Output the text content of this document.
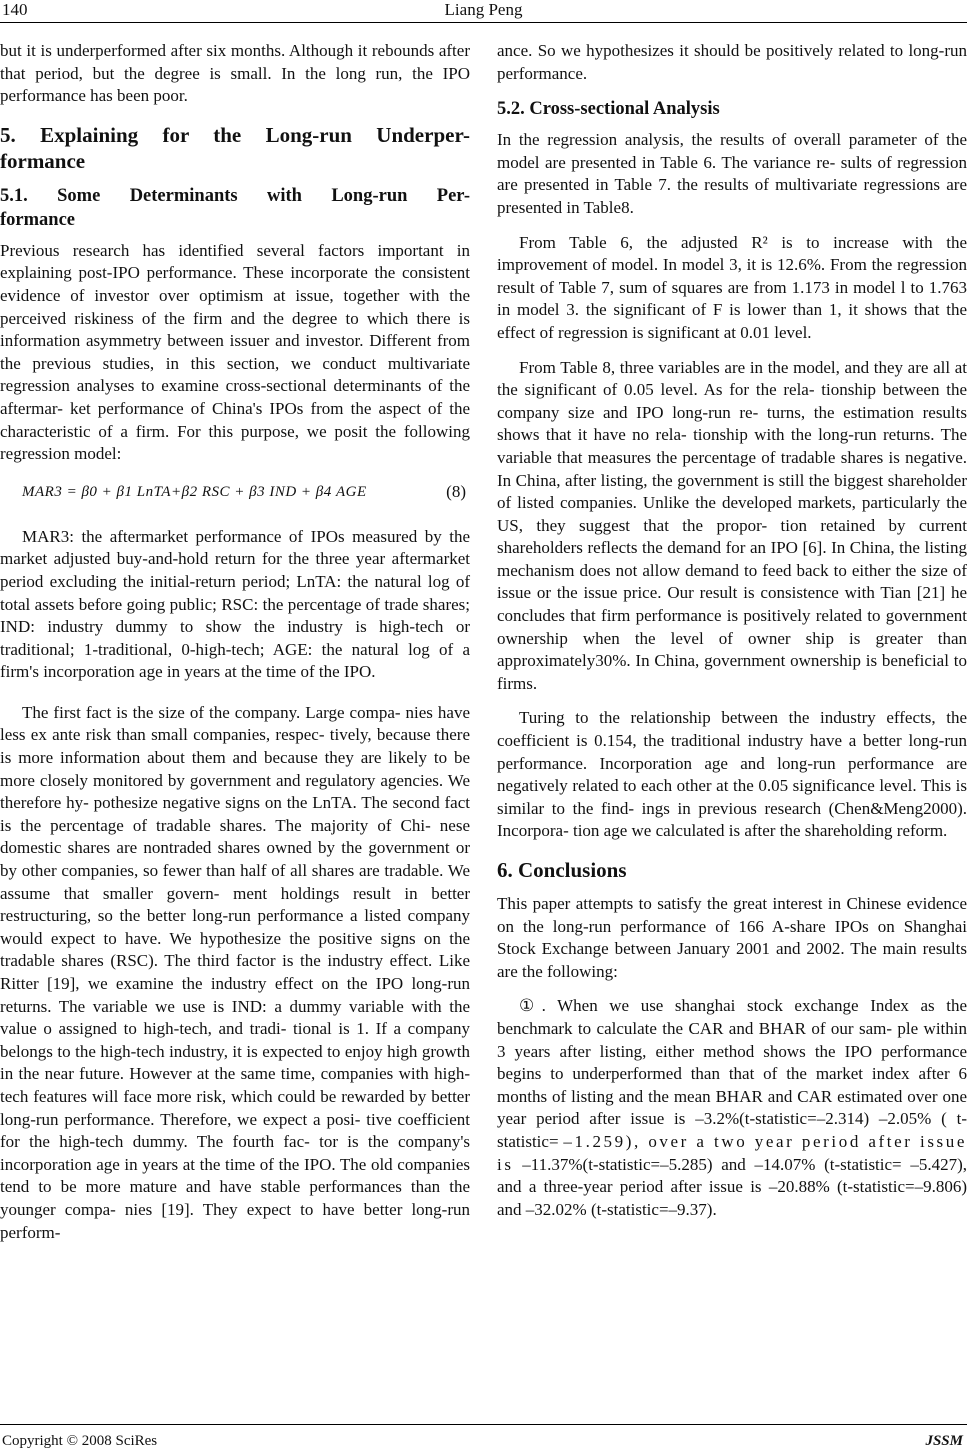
140	Liang Peng

but it is underperformed after six months. Although it rebounds after that period, but the degree is small. In the long run, the IPO performance has been poor.

5. Explaining for the Long-run Underper- formance
5.1. Some Determinants with Long-run Per- formance

Previous research has identified several factors important in explaining post-IPO performance. These incorporate the consistent evidence of investor over optimism at issue, together with the perceived riskiness of the firm and the degree to which there is information asymmetry between issuer and investor. Different from the previous studies, in this section, we conduct multivariate regression analyses to examine cross-sectional determinants of the aftermar- ket performance of China's IPOs from the aspect of the characteristic of a firm. For this purpose, we posit the following regression model:

MAR3 = β0 + β1 LnTA+β2 RSC + β3 IND + β4 AGE	(8)

MAR3: the aftermarket performance of IPOs measured by the market adjusted buy-and-hold return for the three year aftermarket period excluding the initial-return period; LnTA: the natural log of total assets before going public; RSC: the percentage of trade shares; IND: industry dummy to show the industry is high-tech or traditional; 1-traditional, 0-high-tech; AGE: the natural log of a firm's incorporation age in years at the time of the IPO.

The first fact is the size of the company. Large compa- nies have less ex ante risk than small companies, respec- tively, because there is more information about them and because they are likely to be more closely monitored by government and regulatory agencies. We therefore hy- pothesize negative signs on the LnTA. The second fact is the percentage of tradable shares. The majority of Chi- nese domestic shares are nontraded shares owned by the government or by other companies, so fewer than half of all shares are tradable. We assume that smaller govern- ment holdings result in better restructuring, so the better long-run performance a listed company would expect to have. We hypothesize the positive signs on the tradable shares (RSC). The third factor is the industry effect. Like Ritter [19], we examine the industry effect on the IPO long-run returns. The variable we use is IND: a dummy variable with the value o assigned to high-tech, and tradi- tional is 1. If a company belongs to the high-tech industry, it is expected to enjoy high growth in the near future. However at the same time, companies with high-tech features will face more risk, which could be rewarded by better long-run performance. Therefore, we expect a posi- tive coefficient for the high-tech dummy. The fourth fac- tor is the company's incorporation age in years at the time of the IPO. The old companies tend to be more mature and have stable performances than the younger compa- nies [19]. They expect to have better long-run perform-

ance. So we hypothesizes it should be positively related to long-run performance.

5.2. Cross-sectional Analysis

In the regression analysis, the results of overall parameter of the model are presented in Table 6. The variance re- sults of regression are presented in Table 7. the results of multivariate regressions are presented in Table8.

From Table 6, the adjusted R² is to increase with the improvement of model. In model 3, it is 12.6%. From the regression result of Table 7, sum of squares are from 1.173 in model l to 1.763 in model 3. the significant of F is lower than 1, it shows that the effect of regression is significant at 0.01 level.

From Table 8, three variables are in the model, and they are all at the significant of 0.05 level. As for the rela- tionship between the company size and IPO long-run re- turns, the estimation results shows that it have no rela- tionship with the long-run returns. The variable that measures the percentage of tradable shares is negative. In China, after listing, the government is still the biggest shareholder of listed companies. Unlike the developed markets, particularly the US, they suggest that the propor- tion retained by current shareholders reflects the demand for an IPO [6]. In China, the listing mechanism does not allow demand to feed back to either the size of issue or the issue price. Our result is consistence with Tian [21] he concludes that firm performance is positively related to government ownership when the level of owner ship is greater than approximately30%. In China, government ownership is beneficial to firms.

Turing to the relationship between the industry effects, the coefficient is 0.154, the traditional industry have a better long-run performance. Incorporation age and long-run performance are negatively related to each other at the 0.05 significance level. This is similar to the find- ings in previous research (Chen&Meng2000). Incorpora- tion age we calculated is after the shareholding reform.

6. Conclusions

This paper attempts to satisfy the great interest in Chinese evidence on the long-run performance of 166 A-share IPOs on Shanghai Stock Exchange between January 2001 and 2002. The main results are the following:

①. When we use shanghai stock exchange Index as the benchmark to calculate the CAR and BHAR of our sam- ple within 3 years after listing, either method shows the IPO performance begins to underperformed than that of the market index after 6 months of listing and the mean BHAR and CAR estimated over one year period after issue is –3.2%(t-statistic=–2.314) –2.05% ( t-statistic= –1.259), over a two year period after issue is –11.37%(t-statistic=–5.285) and –14.07% (t-statistic= –5.427), and a three-year period after issue is –20.88% (t-statistic=–9.806) and –32.02% (t-statistic=–9.37).

Copyright © 2008 SciRes	JSSM
